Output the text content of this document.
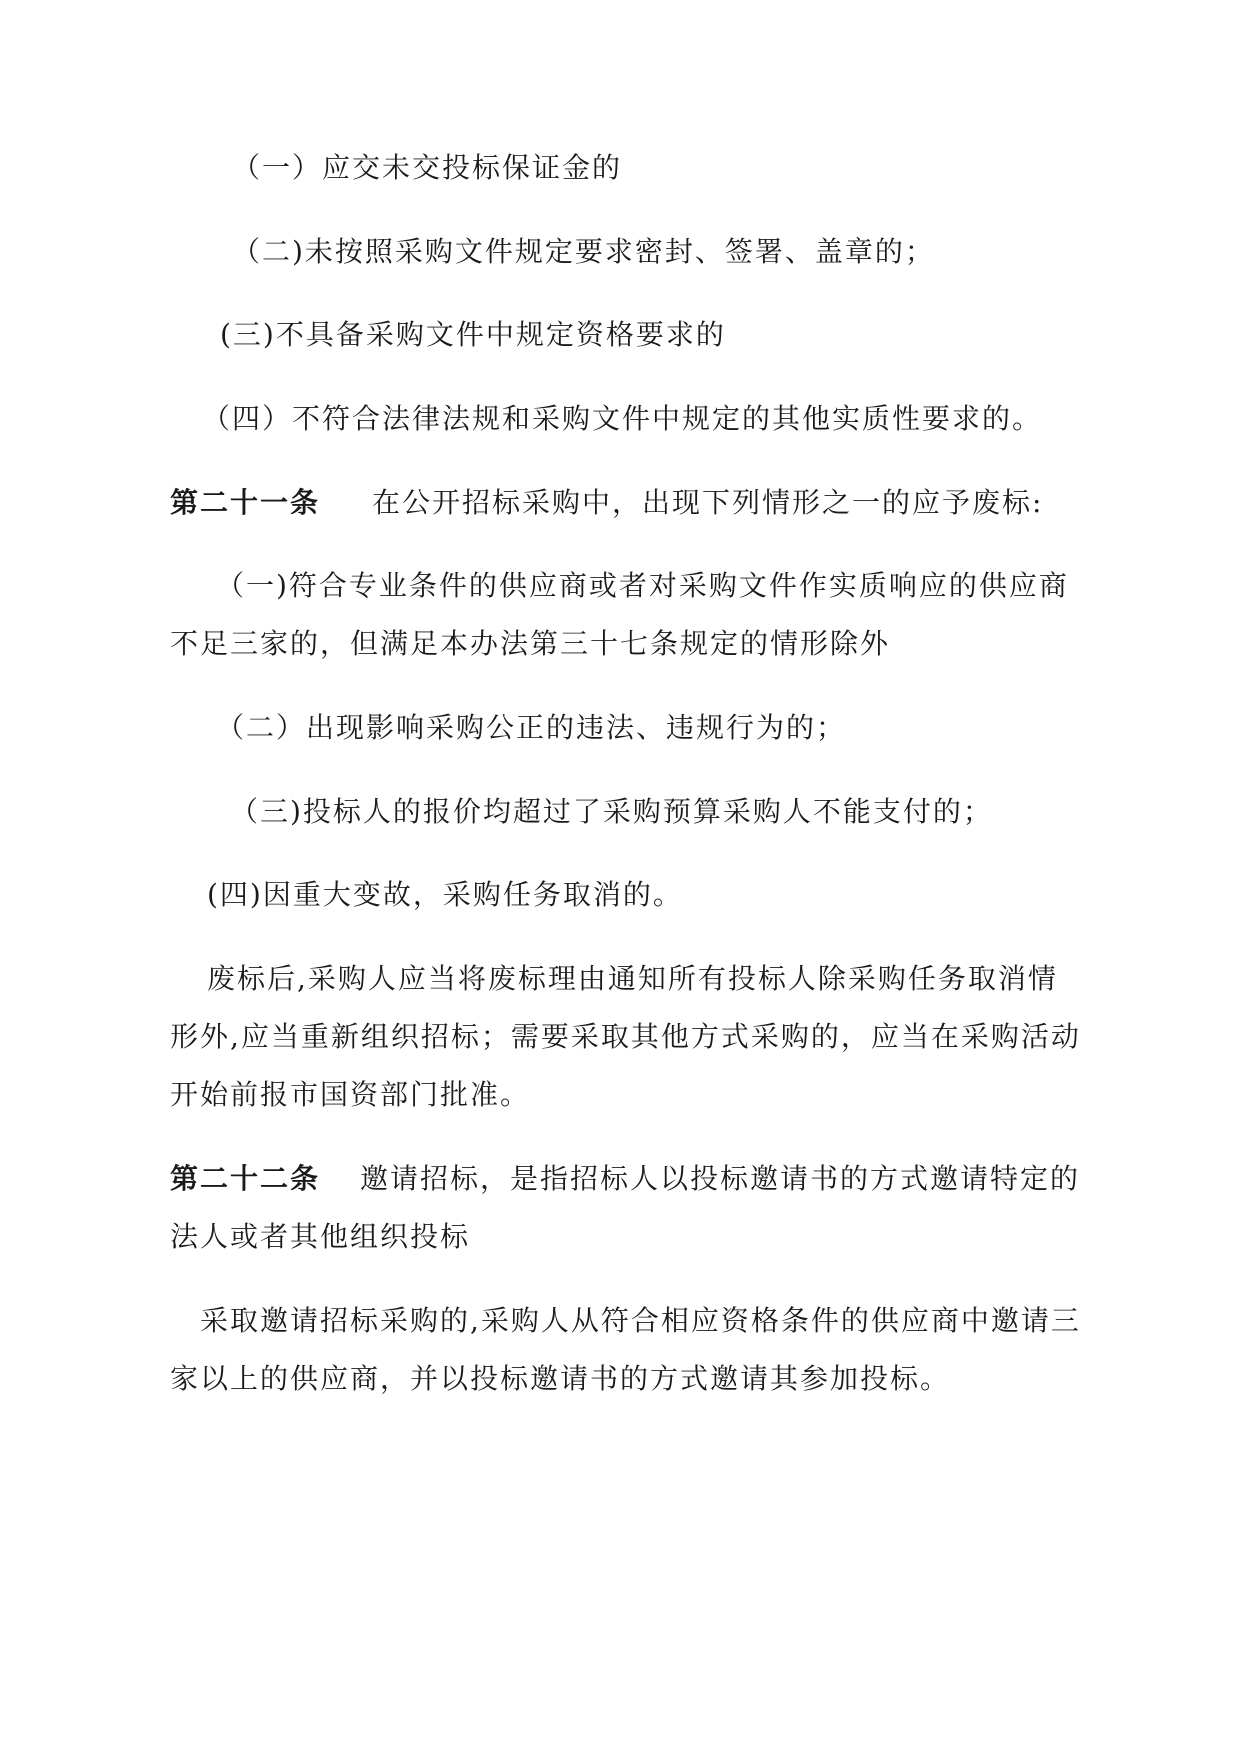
（一）应交未交投标保证金的
（二)未按照采购文件规定要求密封、签署、盖章的；
(三)不具备采购文件中规定资格要求的
（四）不符合法律法规和采购文件中规定的其他实质性要求的。
第二十一条 在公开招标采购中，出现下列情形之一的应予废标:
（一)符合专业条件的供应商或者对采购文件作实质响应的供应商
不足三家的，但满足本办法第三十七条规定的情形除外
（二）出现影响采购公正的违法、违规行为的；
（三)投标人的报价均超过了采购预算采购人不能支付的；
(四)因重大变故，采购任务取消的。
废标后,采购人应当将废标理由通知所有投标人除采购任务取消情
形外,应当重新组织招标；需要采取其他方式采购的，应当在采购活动
开始前报市国资部门批准。
第二十二条 邀请招标，是指招标人以投标邀请书的方式邀请特定的
法人或者其他组织投标
采取邀请招标采购的,采购人从符合相应资格条件的供应商中邀请三
家以上的供应商，并以投标邀请书的方式邀请其参加投标。
